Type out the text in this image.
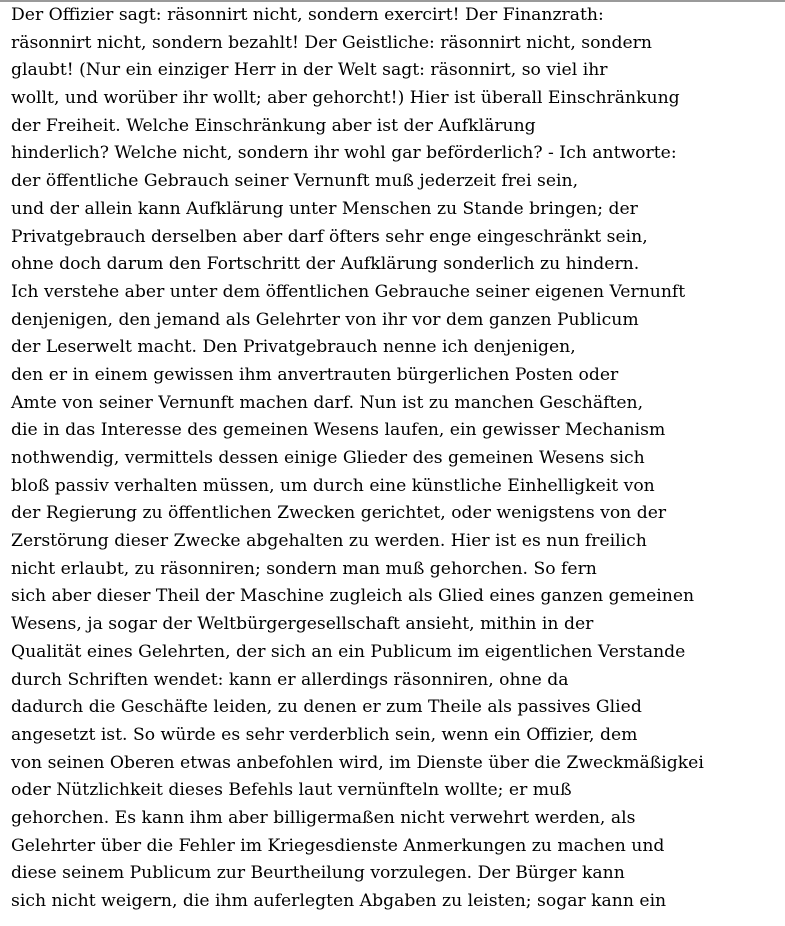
Der Offizier sagt: räsonnirt nicht, sondern exercirt! Der Finanzrath:
räsonnirt nicht, sondern bezahlt! Der Geistliche: räsonnirt nicht, sondern
glaubt! (Nur ein einziger Herr in der Welt sagt: räsonnirt, so viel ihr
wollt, und worüber ihr wollt; aber gehorcht!) Hier ist überall Einschränkung
der Freiheit. Welche Einschränkung aber ist der Aufklärung
hinderlich? Welche nicht, sondern ihr wohl gar beförderlich? - Ich antworte:
der öffentliche Gebrauch seiner Vernunft muß jederzeit frei sein,
und der allein kann Aufklärung unter Menschen zu Stande bringen; der
Privatgebrauch derselben aber darf öfters sehr enge eingeschränkt sein,
ohne doch darum den Fortschritt der Aufklärung sonderlich zu hindern.
Ich verstehe aber unter dem öffentlichen Gebrauche seiner eigenen Vernunft
denjenigen, den jemand als Gelehrter von ihr vor dem ganzen Publicum
der Leserwelt macht. Den Privatgebrauch nenne ich denjenigen,
den er in einem gewissen ihm anvertrauten bürgerlichen Posten oder
Amte von seiner Vernunft machen darf. Nun ist zu manchen Geschäften,
die in das Interesse des gemeinen Wesens laufen, ein gewisser Mechanism
nothwendig, vermittels dessen einige Glieder des gemeinen Wesens sich
bloß passiv verhalten müssen, um durch eine künstliche Einhelligkeit von
der Regierung zu öffentlichen Zwecken gerichtet, oder wenigstens von der
Zerstörung dieser Zwecke abgehalten zu werden. Hier ist es nun freilich
nicht erlaubt, zu räsonniren; sondern man muß gehorchen. So fern
sich aber dieser Theil der Maschine zugleich als Glied eines ganzen gemeinen
Wesens, ja sogar der Weltbürgergesellschaft ansieht, mithin in der
Qualität eines Gelehrten, der sich an ein Publicum im eigentlichen Verstande
durch Schriften wendet: kann er allerdings räsonniren, ohne da
dadurch die Geschäfte leiden, zu denen er zum Theile als passives Glied
angesetzt ist. So würde es sehr verderblich sein, wenn ein Offizier, dem
von seinen Oberen etwas anbefohlen wird, im Dienste über die Zweckmäßigkei
oder Nützlichkeit dieses Befehls laut vernünfteln wollte; er muß
gehorchen. Es kann ihm aber billigermaßen nicht verwehrt werden, als
Gelehrter über die Fehler im Kriegesdienste Anmerkungen zu machen und
diese seinem Publicum zur Beurtheilung vorzulegen. Der Bürger kann
sich nicht weigern, die ihm auferlegten Abgaben zu leisten; sogar kann ein
